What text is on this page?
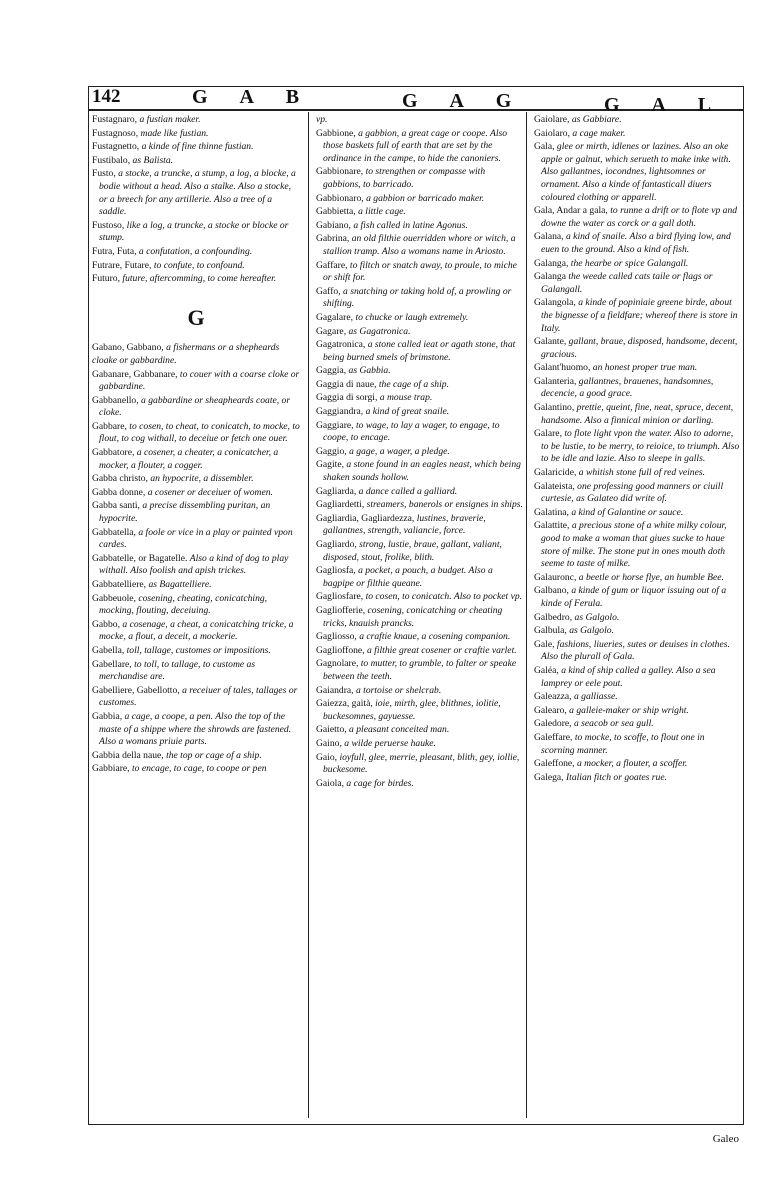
142	G A B	G A G	G A L
Fustagnaro, a fustian maker.
Fustagnoso, made like fustian.
Fustagnetto, a kinde of fine thinne fustian.
Fustibalo, as Balista.
Fusto, a stocke, a truncke, a stump, a log, a blocke, a bodie without a head. Also a stalke. Also a stocke, or a breech for any artillerie. Also a tree of a saddle.
Fustoso, like a log, a truncke, a stocke or blocke or stump.
Futra, Futa, a confutation, a confounding.
Futrare, Futare, to confute, to confound.
Futuro, future, aftercomming, to come hereafter.
G
Gabano, Gabbano, a fishermans or a shepheards cloake or gabbardine.
Gabanare, Gabbanare, to couer with a coarse cloke or gabbardine.
Gabbanello, a gabbardine or sheapheards coate, or cloke.
Gabbare, to cosen, to cheat, to conicatch, to mocke, to flout, to cog withall, to deceiue or fetch one ouer.
Gabbatore, a cosener, a cheater, a conicatcher, a mocker, a flouter, a cogger.
Gabba christo, an hypocrite, a dissembler.
Gabba donne, a cosener or deceiuer of women.
Gabba santi, a precise dissembling puritan, an hypocrite.
Gabbatella, a foole or vice in a play or painted vpon cardes.
Gabbatelle, or Bagatelle. Also a kind of dog to play withall. Also foolish and apish trickes.
Gabbatelliere, as Bagattelliere.
Gabbeuole, cosening, cheating, conicatching, mocking, flouting, deceiuing.
Gabbo, a cosenage, a cheat, a conicatching tricke, a mocke, a flout, a deceit, a mockerie.
Gabella, toll, tallage, customes or impositions.
Gabellare, to toll, to tallage, to custome as merchandise are.
Gabelliere, Gabellotto, a receiuer of tales, tallages or customes.
Gabbia, a cage, a coope, a pen. Also the top of the maste of a shippe where the shrowds are fastened. Also a womans priuie parts.
Gabbia della naue, the top or cage of a ship.
Gabbiare, to encage, to cage, to coope or pen
vp.
Gabbione, a gabbion, a great cage or coope. Also those baskets full of earth that are set by the ordinance in the campe, to hide the canoniers.
Gabbionare, to strengthen or compasse with gabbions, to barricado.
Gabbionaro, a gabbion or barricado maker.
Gabbietta, a little cage.
Gabiano, a fish called in latine Agonus.
Gabrina, an old filthie ouerridden whore or witch, a stallion tramp. Also a womans name in Ariosto.
Gaffare, to filtch or snatch away, to proule, to miche or shift for.
Gaffo, a snatching or taking hold of, a prowling or shifting.
Gagalare, to chucke or laugh extremely.
Gagare, as Gagatronica.
Gagatronica, a stone called ieat or agath stone, that being burned smels of brimstone.
Gaggia, as Gabbia.
Gaggia di naue, the cage of a ship.
Gaggia di sorgi, a mouse trap.
Gaggiandra, a kind of great snaile.
Gaggiare, to wage, to lay a wager, to engage, to coope, to encage.
Gaggio, a gage, a wager, a pledge.
Gagite, a stone found in an eagles neast, which being shaken sounds hollow.
Gagliarda, a dance called a galliard.
Gagliardetti, streamers, banerols or ensignes in ships.
Gagliardia, Gagliardezza, lustines, braverie, gallantnes, strength, valiancie, force.
Gagliardo, strong, lustie, braue, gallant, valiant, disposed, stout, frolike, blith.
Gagliosfa, a pocket, a pouch, a budget. Also a bagpipe or filthie queane.
Gagliosfare, to cosen, to conicatch. Also to pocket vp.
Gagliofferie, cosening, conicatching or cheating tricks, knauish prancks.
Gagliosso, a craftie knaue, a cosening companion.
Gaglioffone, a filthie great cosener or craftie varlet.
Gagnolare, to mutter, to grumble, to falter or speake between the teeth.
Gaiandra, a tortoise or shelcrab.
Gaiezza, gaità, ioie, mirth, glee, blithnes, iolitie, buckesomnes, gayuesse.
Gaietto, a pleasant conceited man.
Gaino, a wilde peruerse hauke.
Gaio, ioyfull, glee, merrie, pleasant, blith, gey, iollie, buckesome.
Gaiola, a cage for birdes.
Gaiolare, as Gabbiare.
Gaiolaro, a cage maker.
Gala, glee or mirth, idlenes or lazines. Also an oke apple or galnut, which serueth to make inke with. Also gallantnes, iocondnes, lightsomnes or ornament. Also a kinde of fantasticall diuers coloured clothing or apparell.
Gala, Andar a gala, to runne a drift or to flote vp and downe the water as corck or a gall doth.
Galana, a kind of snaile. Also a bird flying low, and euen to the ground. Also a kind of fish.
Galanga, the hearbe or spice Galangall.
Galanga the weede called cats taile or flags or Galangall.
Galangola, a kinde of popiniaie greene birde, about the bignesse of a fieldfare; whereof there is store in Italy.
Galante, gallant, braue, disposed, handsome, decent, gracious.
Galant'huomo, an honest proper true man.
Galanteria, gallantnes, brauenes, handsomnes, decencie, a good grace.
Galantino, prettie, queint, fine, neat, spruce, decent, handsome. Also a finnical minion or darling.
Galare, to flote light vpon the water. Also to adorne, to be lustie, to be merry, to reioice, to triumph. Also to be idle and lazie. Also to sleepe in galls.
Galaricide, a whitish stone full of red veines.
Galateista, one professing good manners or ciuill curtesie, as Galateo did write of.
Galatina, a kind of Galantine or sauce.
Galattite, a precious stone of a white milky colour, good to make a woman that giues sucke to haue store of milke. The stone put in ones mouth doth seeme to taste of milke.
Galauronc, a beetle or horse flye, an humble Bee.
Galbano, a kinde of gum or liquor issuing out of a kinde of Ferula.
Galbedro, as Galgolo.
Galbula, as Galgolo.
Gale, fashions, liueries, sutes or deuises in clothes. Also the plurall of Gala.
Galéa, a kind of ship called a galley. Also a sea lamprey or eele pout.
Galeazza, a galliasse.
Galearo, a galleie-maker or ship wright.
Galedore, a seacob or sea gull.
Galeffare, to mocke, to scoffe, to flout one in scorning manner.
Galeffone, a mocker, a flouter, a scoffer.
Galega, Italian fitch or goates rue.
Galeo
